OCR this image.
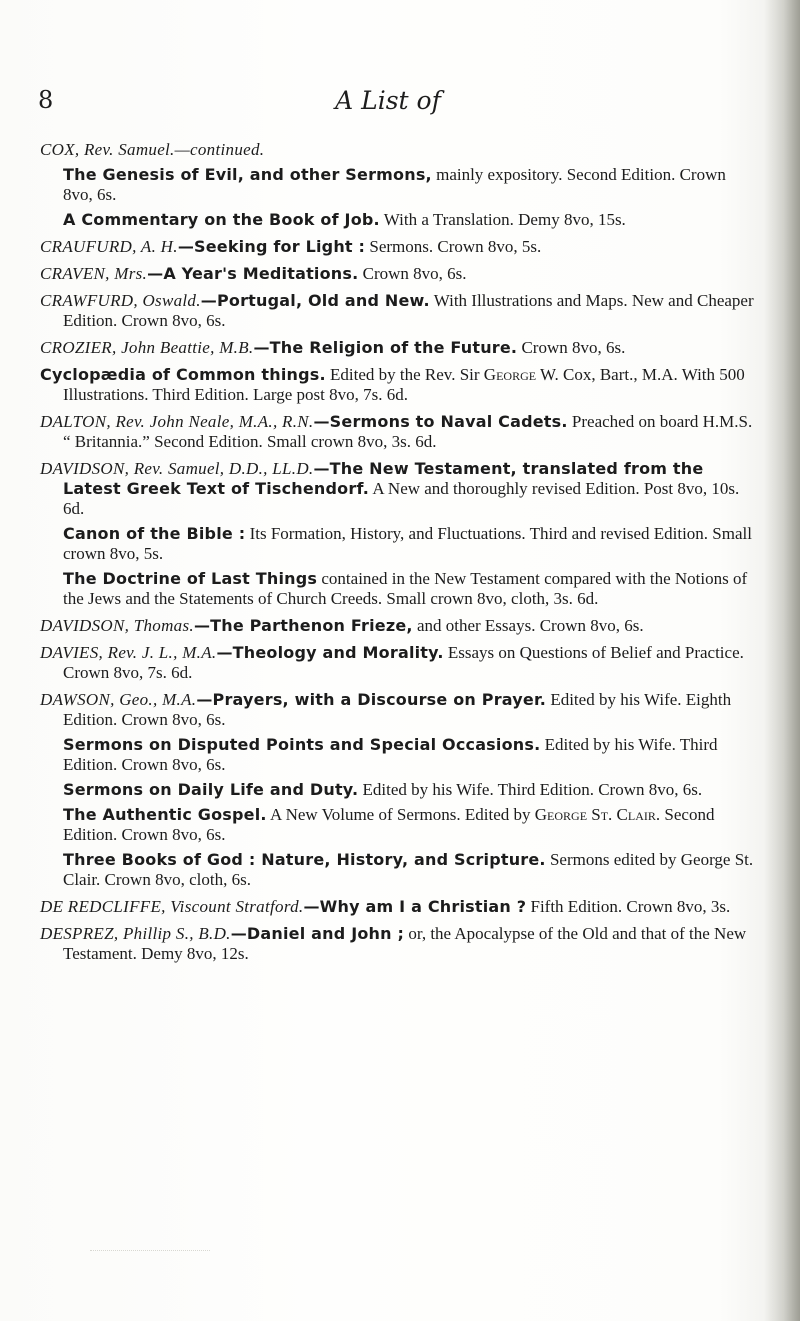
8	A List of

COX, Rev. Samuel.—continued.

The Genesis of Evil, and other Sermons, mainly expository. Second Edition. Crown 8vo, 6s.

A Commentary on the Book of Job. With a Translation. Demy 8vo, 15s.

CRAUFURD, A. H.—Seeking for Light : Sermons. Crown 8vo, 5s.

CRAVEN, Mrs.—A Year's Meditations. Crown 8vo, 6s.

CRAWFURD, Oswald.—Portugal, Old and New. With Illustrations and Maps. New and Cheaper Edition. Crown 8vo, 6s.

CROZIER, John Beattie, M.B.—The Religion of the Future. Crown 8vo, 6s.

Cyclopædia of Common things. Edited by the Rev. Sir George W. Cox, Bart., M.A. With 500 Illustrations. Third Edition. Large post 8vo, 7s. 6d.

DALTON, Rev. John Neale, M.A., R.N.—Sermons to Naval Cadets. Preached on board H.M.S. “ Britannia.” Second Edition. Small crown 8vo, 3s. 6d.

DAVIDSON, Rev. Samuel, D.D., LL.D.—The New Testament, translated from the Latest Greek Text of Tischendorf. A New and thoroughly revised Edition. Post 8vo, 10s. 6d.

Canon of the Bible : Its Formation, History, and Fluctuations. Third and revised Edition. Small crown 8vo, 5s.

The Doctrine of Last Things contained in the New Testament compared with the Notions of the Jews and the Statements of Church Creeds. Small crown 8vo, cloth, 3s. 6d.

DAVIDSON, Thomas.—The Parthenon Frieze, and other Essays. Crown 8vo, 6s.

DAVIES, Rev. J. L., M.A.—Theology and Morality. Essays on Questions of Belief and Practice. Crown 8vo, 7s. 6d.

DAWSON, Geo., M.A.—Prayers, with a Discourse on Prayer. Edited by his Wife. Eighth Edition. Crown 8vo, 6s.

Sermons on Disputed Points and Special Occasions. Edited by his Wife. Third Edition. Crown 8vo, 6s.

Sermons on Daily Life and Duty. Edited by his Wife. Third Edition. Crown 8vo, 6s.

The Authentic Gospel. A New Volume of Sermons. Edited by George St. Clair. Second Edition. Crown 8vo, 6s.

Three Books of God : Nature, History, and Scripture. Sermons edited by George St. Clair. Crown 8vo, cloth, 6s.

DE REDCLIFFE, Viscount Stratford.—Why am I a Christian ? Fifth Edition. Crown 8vo, 3s.

DESPREZ, Phillip S., B.D.—Daniel and John ; or, the Apocalypse of the Old and that of the New Testament. Demy 8vo, 12s.
